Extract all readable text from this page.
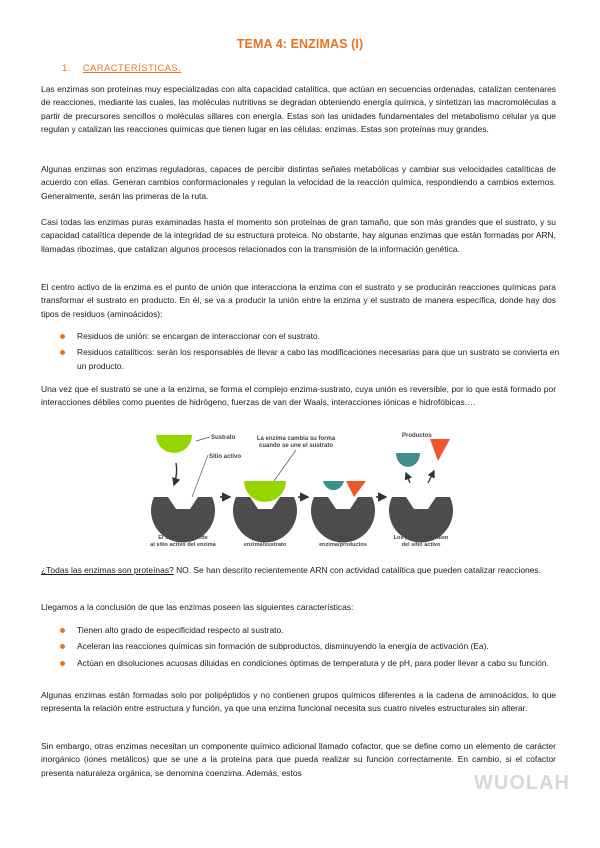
TEMA 4: ENZIMAS (I)
1. CARACTERÍSTICAS.

Las enzimas son proteínas muy especializadas con alta capacidad catalítica, que actúan en secuencias ordenadas, catalizan centenares de reacciones, mediante las cuales, las moléculas nutritivas se degradan obteniendo energía química, y sintetizan las macromoléculas a partir de precursores sencillos o moléculas sillares con energía. Estas son las unidades fundamentales del metabolismo celular ya que regulan y catalizan las reacciones químicas que tienen lugar en las células: enzimas. Estas son proteínas muy grandes.

Algunas enzimas son enzimas reguladoras, capaces de percibir distintas señales metabólicas y cambiar sus velocidades catalíticas de acuerdo con ellas. Generan cambios conformacionales y regulan la velocidad de la reacción química, respondiendo a cambios externos. Generalmente, serán las primeras de la ruta.

Casi todas las enzimas puras examinadas hasta el momento son proteínas de gran tamaño, que son más grandes que el sustrato, y su capacidad catalítica depende de la integridad de su estructura proteica. No obstante, hay algunas enzimas que están formadas por ARN, llamadas ribozimas, que catalizan algunos procesos relacionados con la transmisión de la información genética.

El centro activo de la enzima es el punto de unión que interacciona la enzima con el sustrato y se producirán reacciones químicas para transformar el sustrato en producto. En él, se va a producir la unión entre la enzima y el sustrato de manera específica, donde hay dos tipos de residuos (aminoácidos):

Residuos de unión: se encargan de interaccionar con el sustrato.
Residuos catalíticos: serán los responsables de llevar a cabo las modificaciones necesarias para que un sustrato se convierta en un producto.

Una vez que el sustrato se une a la enzima, se forma el complejo enzima-sustrato, cuya unión es reversible, por lo que está formado por interacciones débiles como puentes de hidrógeno, fuerzas de van der Waals, interacciones iónicas e hidrofóbicas….

Sustrato
Sitio activo
La enzima cambia su forma
cuando se une el sustrato
Productos
El sustrato accede
al sitio activo del enzima
Complejo
enzima/sustrato
Complejo
enzima/productos
Los productos salen
del sitio activo

¿Todas las enzimas son proteínas? NO. Se han descrito recientemente ARN con actividad catalítica que pueden catalizar reacciones.

Llegamos a la conclusión de que las enzimas poseen las siguientes características:

Tienen alto grado de especificidad respecto al sustrato.
Aceleran las reacciones químicas sin formación de subproductos, disminuyendo la energía de activación (Ea).
Actúan en disoluciones acuosas diluidas en condiciones óptimas de temperatura y de pH, para poder llevar a cabo su función.

Algunas enzimas están formadas solo por polipéptidos y no contienen grupos químicos diferentes a la cadena de aminoácidos, lo que representa la relación entre estructura y función, ya que una enzima funcional necesita sus cuatro niveles estructurales sin alterar.

Sin embargo, otras enzimas necesitan un componente químico adicional llamado cofactor, que se define como un elemento de carácter inorgánico (iones metálicos) que se une a la proteína para que pueda realizar su función correctamente. En cambio, si el cofactor presenta naturaleza orgánica, se denomina coenzima. Además, estos	WUOLAH
